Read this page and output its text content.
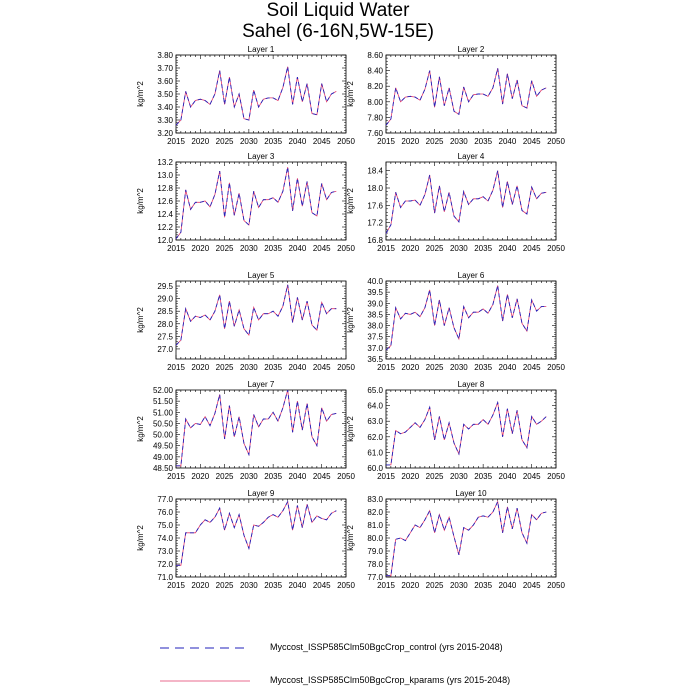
Soil Liquid Water
Sahel (6-16N,5W-15E)
Layer 1
kg/m^2
2015 2020 2025 2030 2035 2040 2045 2050
3.20
3.30
3.40
3.50
3.60
3.70
3.80
Layer 2
kg/m^2
2015 2020 2025 2030 2035 2040 2045 2050
7.60
7.80
8.00
8.20
8.40
8.60
Layer 3
kg/m^2
2015 2020 2025 2030 2035 2040 2045 2050
12.0
12.2
12.4
12.6
12.8
13.0
13.2
Layer 4
kg/m^2
2015 2020 2025 2030 2035 2040 2045 2050
16.8
17.2
17.6
18.0
18.4
Layer 5
kg/m^2
2015 2020 2025 2030 2035 2040 2045 2050
27.0
27.5
28.0
28.5
29.0
29.5
Layer 6
kg/m^2
2015 2020 2025 2030 2035 2040 2045 2050
36.5
37.0
37.5
38.0
38.5
39.0
39.5
40.0
Layer 7
kg/m^2
2015 2020 2025 2030 2035 2040 2045 2050
48.50
49.00
49.50
50.00
50.50
51.00
51.50
52.00
Layer 8
kg/m^2
2015 2020 2025 2030 2035 2040 2045 2050
60.0
61.0
62.0
63.0
64.0
65.0
Layer 9
kg/m^2
2015 2020 2025 2030 2035 2040 2045 2050
71.0
72.0
73.0
74.0
75.0
76.0
77.0
Layer 10
kg/m^2
2015 2020 2025 2030 2035 2040 2045 2050
77.0
78.0
79.0
80.0
81.0
82.0
83.0
Myccost_ISSP585Clm50BgcCrop_control (yrs 2015-2048)
Myccost_ISSP585Clm50BgcCrop_kparams (yrs 2015-2048)
